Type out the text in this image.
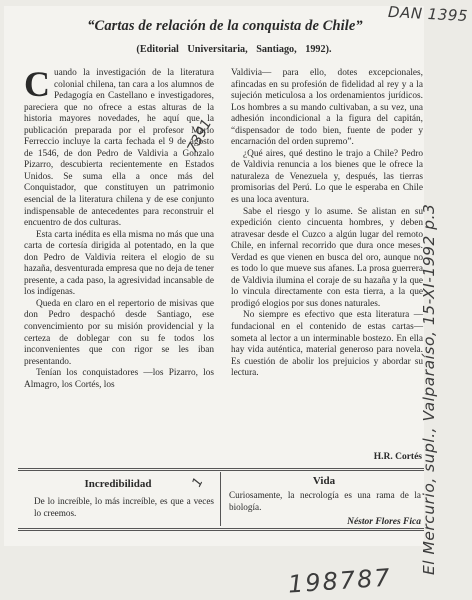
“Cartas de relación de la conquista de Chile”
(Editorial Universitaria, Santiago, 1992).

Cuando la investigación de la literatura colonial chilena, tan cara a los alumnos de Pedagogía en Castellano e investigadores, pareciera que no ofrece a estas alturas de la historia mayores novedades, he aquí que la publicación preparada por el profesor Mario Ferreccio incluye la carta fechada el 9 de agosto de 1546, de don Pedro de Valdivia a Gonzalo Pizarro, descubierta recientemente en Estados Unidos. Se suma ella a once más del Conquistador, que constituyen un patrimonio esencial de la literatura chilena y de ese conjunto indispensable de antecedentes para reconstruir el encuentro de dos culturas.

Esta carta inédita es ella misma no más que una carta de cortesía dirigida al potentado, en la que don Pedro de Valdivia reitera el elogio de su hazaña, desventurada empresa que no deja de tener presente, a cada paso, la agresividad incansable de los indígenas.

Queda en claro en el repertorio de misivas que don Pedro despachó desde Santiago, ese convencimiento por su misión providencial y la certeza de doblegar con su fe todos los inconvenientes que con rigor se les iban presentando.

Tenían los conquistadores —los Pizarro, los Almagro, los Cortés, los

Valdivia— para ello, dotes excepcionales, afincadas en su profesión de fidelidad al rey y a la sujeción meticulosa a los ordenamientos jurídicos. Los hombres a su mando cultivaban, a su vez, una adhesión incondicional a la figura del capitán, “dispensador de todo bien, fuente de poder y encarnación del orden supremo”.

¿Qué aires, qué destino le trajo a Chile? Pedro de Valdivia renuncia a los bienes que le ofrece la naturaleza de Venezuela y, después, las tierras promisorias del Perú. Lo que le esperaba en Chile es una loca aventura.

Sabe el riesgo y lo asume. Se alistan en su expedición ciento cincuenta hombres, y deben atravesar desde el Cuzco a algún lugar del remoto Chile, en infernal recorrido que dura once meses. Verdad es que vienen en busca del oro, aunque no es todo lo que mueve sus afanes. La prosa guerrera de Valdivia ilumina el coraje de su hazaña y la que lo vincula directamente con esta tierra, a la que prodigó elogios por sus dones naturales.

No siempre es efectivo que esta literatura —fundacional en el contenido de estas cartas— someta al lector a un interminable bostezo. En ella hay vida auténtica, material generoso para novela. Es cuestión de abolir los prejuicios y abordar su lectura.

H.R. Cortés
Incredibilidad
De lo increíble, lo más increíble, es que a veces lo creemos.
Vida
Curiosamente, la necrología es una rama de la biología.
Néstor Flores Fica
DAN 1395
7391
1	El Mercurio, supl., Valparaíso, 15-XI-1992 p.3
198787
